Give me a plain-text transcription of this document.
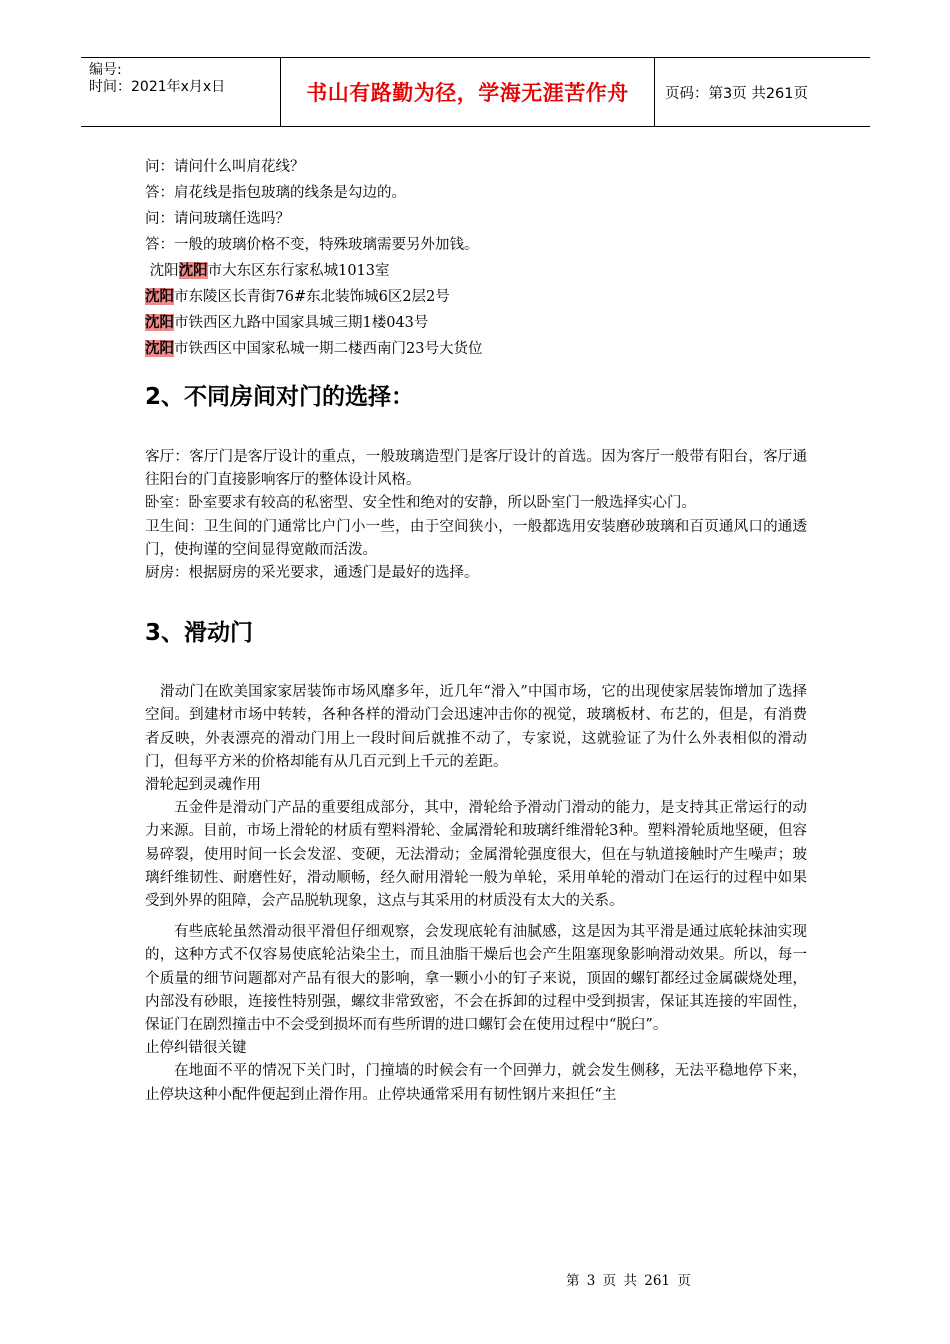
编号:
时间：2021年x月x日	书山有路勤为径，学海无涯苦作舟	页码：第3页 共261页
问：请问什么叫肩花线？
答：肩花线是指包玻璃的线条是勾边的。
问：请问玻璃任选吗？
答：一般的玻璃价格不变，特殊玻璃需要另外加钱。
沈阳沈阳市大东区东行家私城1013室
沈阳市东陵区长青街76#东北装饰城6区2层2号
沈阳市铁西区九路中国家具城三期1楼043号
沈阳市铁西区中国家私城一期二楼西南门23号大货位
2、不同房间对门的选择：
客厅：客厅门是客厅设计的重点，一般玻璃造型门是客厅设计的首选。因为客厅一般带有阳台，客厅通往阳台的门直接影响客厅的整体设计风格。
卧室：卧室要求有较高的私密型、安全性和绝对的安静，所以卧室门一般选择实心门。
卫生间：卫生间的门通常比户门小一些，由于空间狭小，一般都选用安装磨砂玻璃和百页通风口的通透门，使拘谨的空间显得宽敞而活泼。
厨房：根据厨房的采光要求，通透门是最好的选择。
3、滑动门
滑动门在欧美国家家居装饰市场风靡多年，近几年“滑入”中国市场，它的出现使家居装饰增加了选择空间。到建材市场中转转，各种各样的滑动门会迅速冲击你的视觉，玻璃板材、布艺的，但是，有消费者反映，外表漂亮的滑动门用上一段时间后就推不动了，专家说，这就验证了为什么外表相似的滑动门，但每平方米的价格却能有从几百元到上千元的差距。
滑轮起到灵魂作用
五金件是滑动门产品的重要组成部分，其中，滑轮给予滑动门滑动的能力，是支持其正常运行的动力来源。目前，市场上滑轮的材质有塑料滑轮、金属滑轮和玻璃纤维滑轮3种。塑料滑轮质地坚硬，但容易碎裂，使用时间一长会发涩、变硬，无法滑动；金属滑轮强度很大，但在与轨道接触时产生噪声；玻璃纤维韧性、耐磨性好，滑动顺畅，经久耐用滑轮一般为单轮，采用单轮的滑动门在运行的过程中如果受到外界的阻障，会产品脱轨现象，这点与其采用的材质没有太大的关系。
有些底轮虽然滑动很平滑但仔细观察，会发现底轮有油腻感，这是因为其平滑是通过底轮抹油实现的，这种方式不仅容易使底轮沾染尘土，而且油脂干燥后也会产生阻塞现象影响滑动效果。所以，每一个质量的细节问题都对产品有很大的影响，拿一颗小小的钉子来说，顶固的螺钉都经过金属碳烧处理，内部没有砂眼，连接性特别强，螺纹非常致密，不会在拆卸的过程中受到损害，保证其连接的牢固性，保证门在剧烈撞击中不会受到损坏而有些所谓的进口螺钉会在使用过程中“脱臼”。
止停纠错很关键
在地面不平的情况下关门时，门撞墙的时候会有一个回弹力，就会发生侧移，无法平稳地停下来，止停块这种小配件便起到止滑作用。止停块通常采用有韧性钢片来担任“主
第 3 页 共 261 页
